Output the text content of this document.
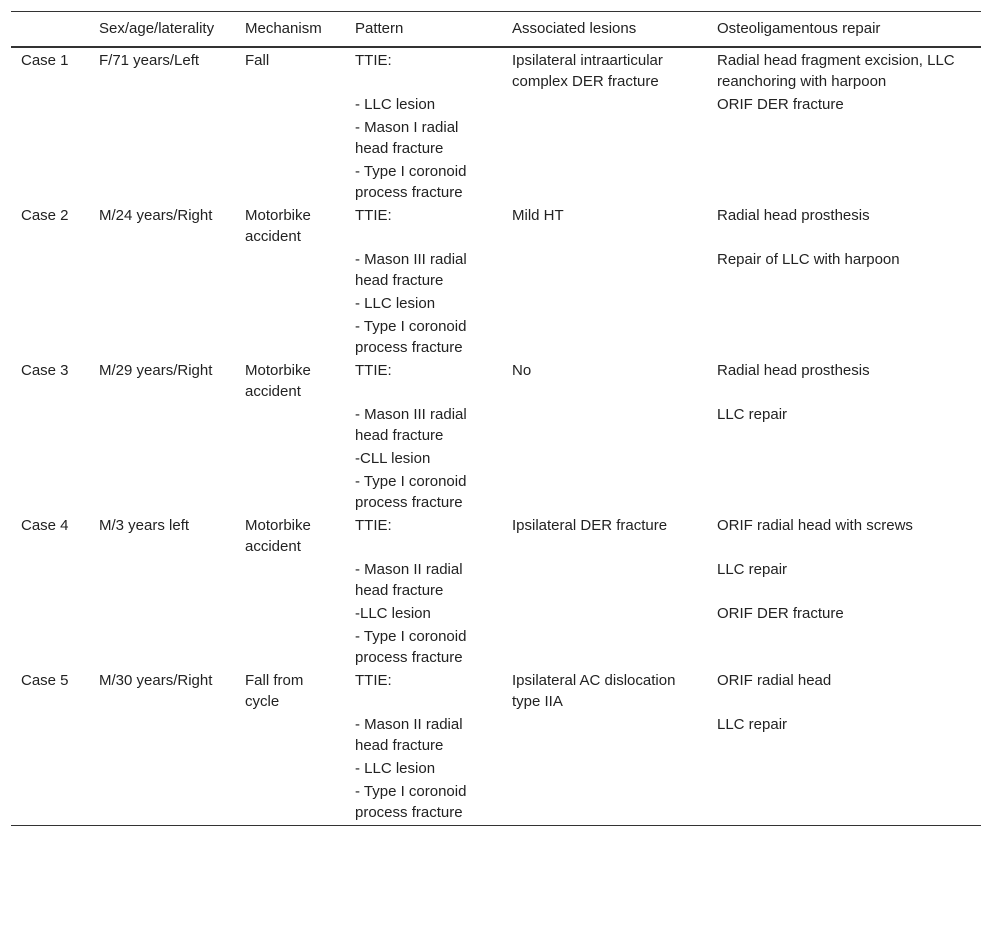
	Sex/age/laterality	Mechanism	Pattern	Associated lesions	Osteoligamentous repair
Case 1	F/71 years/Left	Fall	TTIE:
- LLC lesion
- Mason I radial head fracture
- Type I coronoid process fracture	Ipsilateral intraarticular complex DER fracture	Radial head fragment excision, LLC reanchoring with harpoon
ORIF DER fracture

Case 2	M/24 years/Right	Motorbike accident	TTIE:
- Mason III radial head fracture
- LLC lesion
- Type I coronoid process fracture	Mild HT	Radial head prosthesis
Repair of LLC with harpoon

Case 3	M/29 years/Right	Motorbike accident	TTIE:
- Mason III radial head fracture
-CLL lesion
- Type I coronoid process fracture	No	Radial head prosthesis
LLC repair

Case 4	M/3 years left	Motorbike accident	TTIE:
- Mason II radial head fracture
-LLC lesion
- Type I coronoid process fracture	Ipsilateral DER fracture	ORIF radial head with screws
LLC repair
ORIF DER fracture

Case 5	M/30 years/Right	Fall from cycle	TTIE:
- Mason II radial head fracture
- LLC lesion
- Type I coronoid process fracture	Ipsilateral AC dislocation type IIA	ORIF radial head
LLC repair
